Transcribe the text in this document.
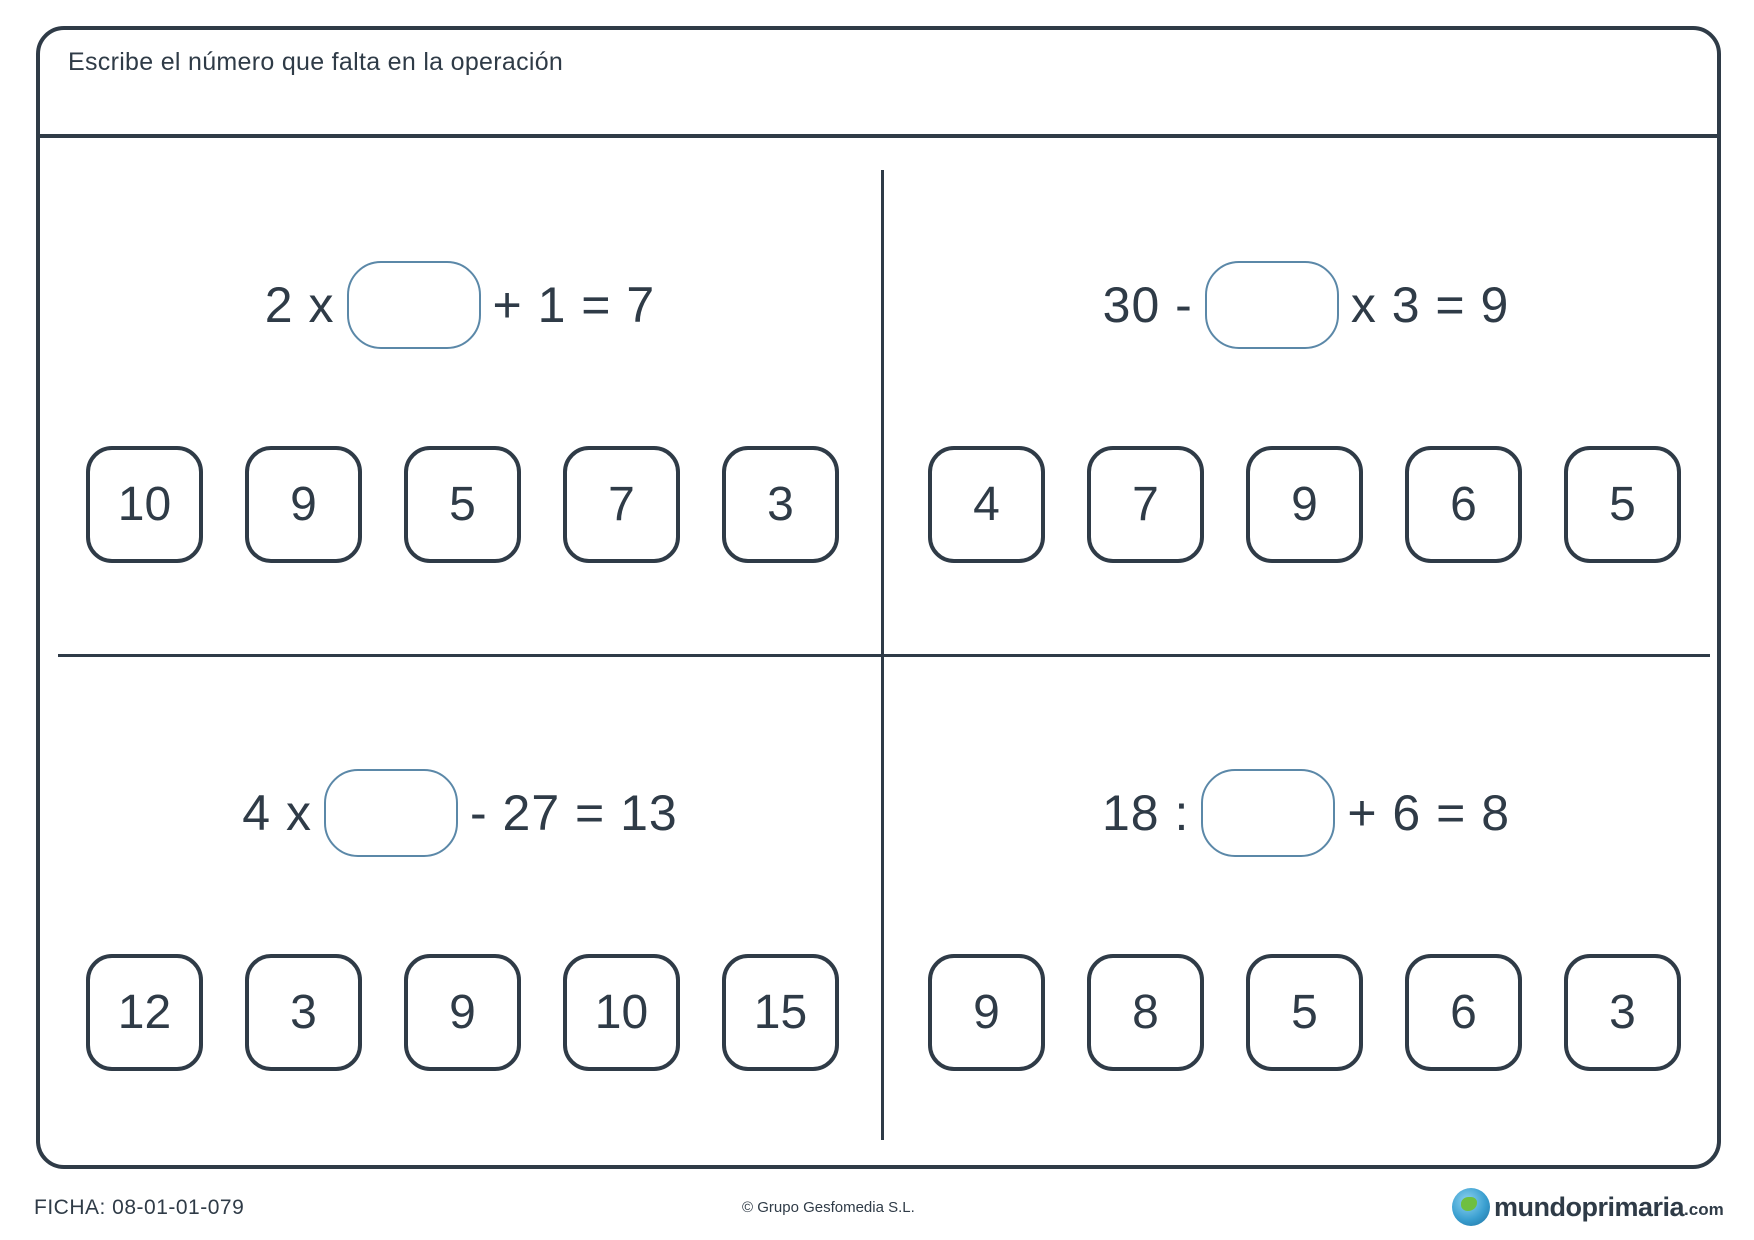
Escribe el número que falta en la operación
2 x	+ 1 = 7
10	9	5	7	3
30 -	x 3 = 9
4	7	9	6	5
4 x	- 27 = 13
12	3	9	10	15
18 :	+ 6 = 8
9	8	5	6	3
FICHA: 08-01-01-079	© Grupo Gesfomedia S.L.	mundoprimaria .com
